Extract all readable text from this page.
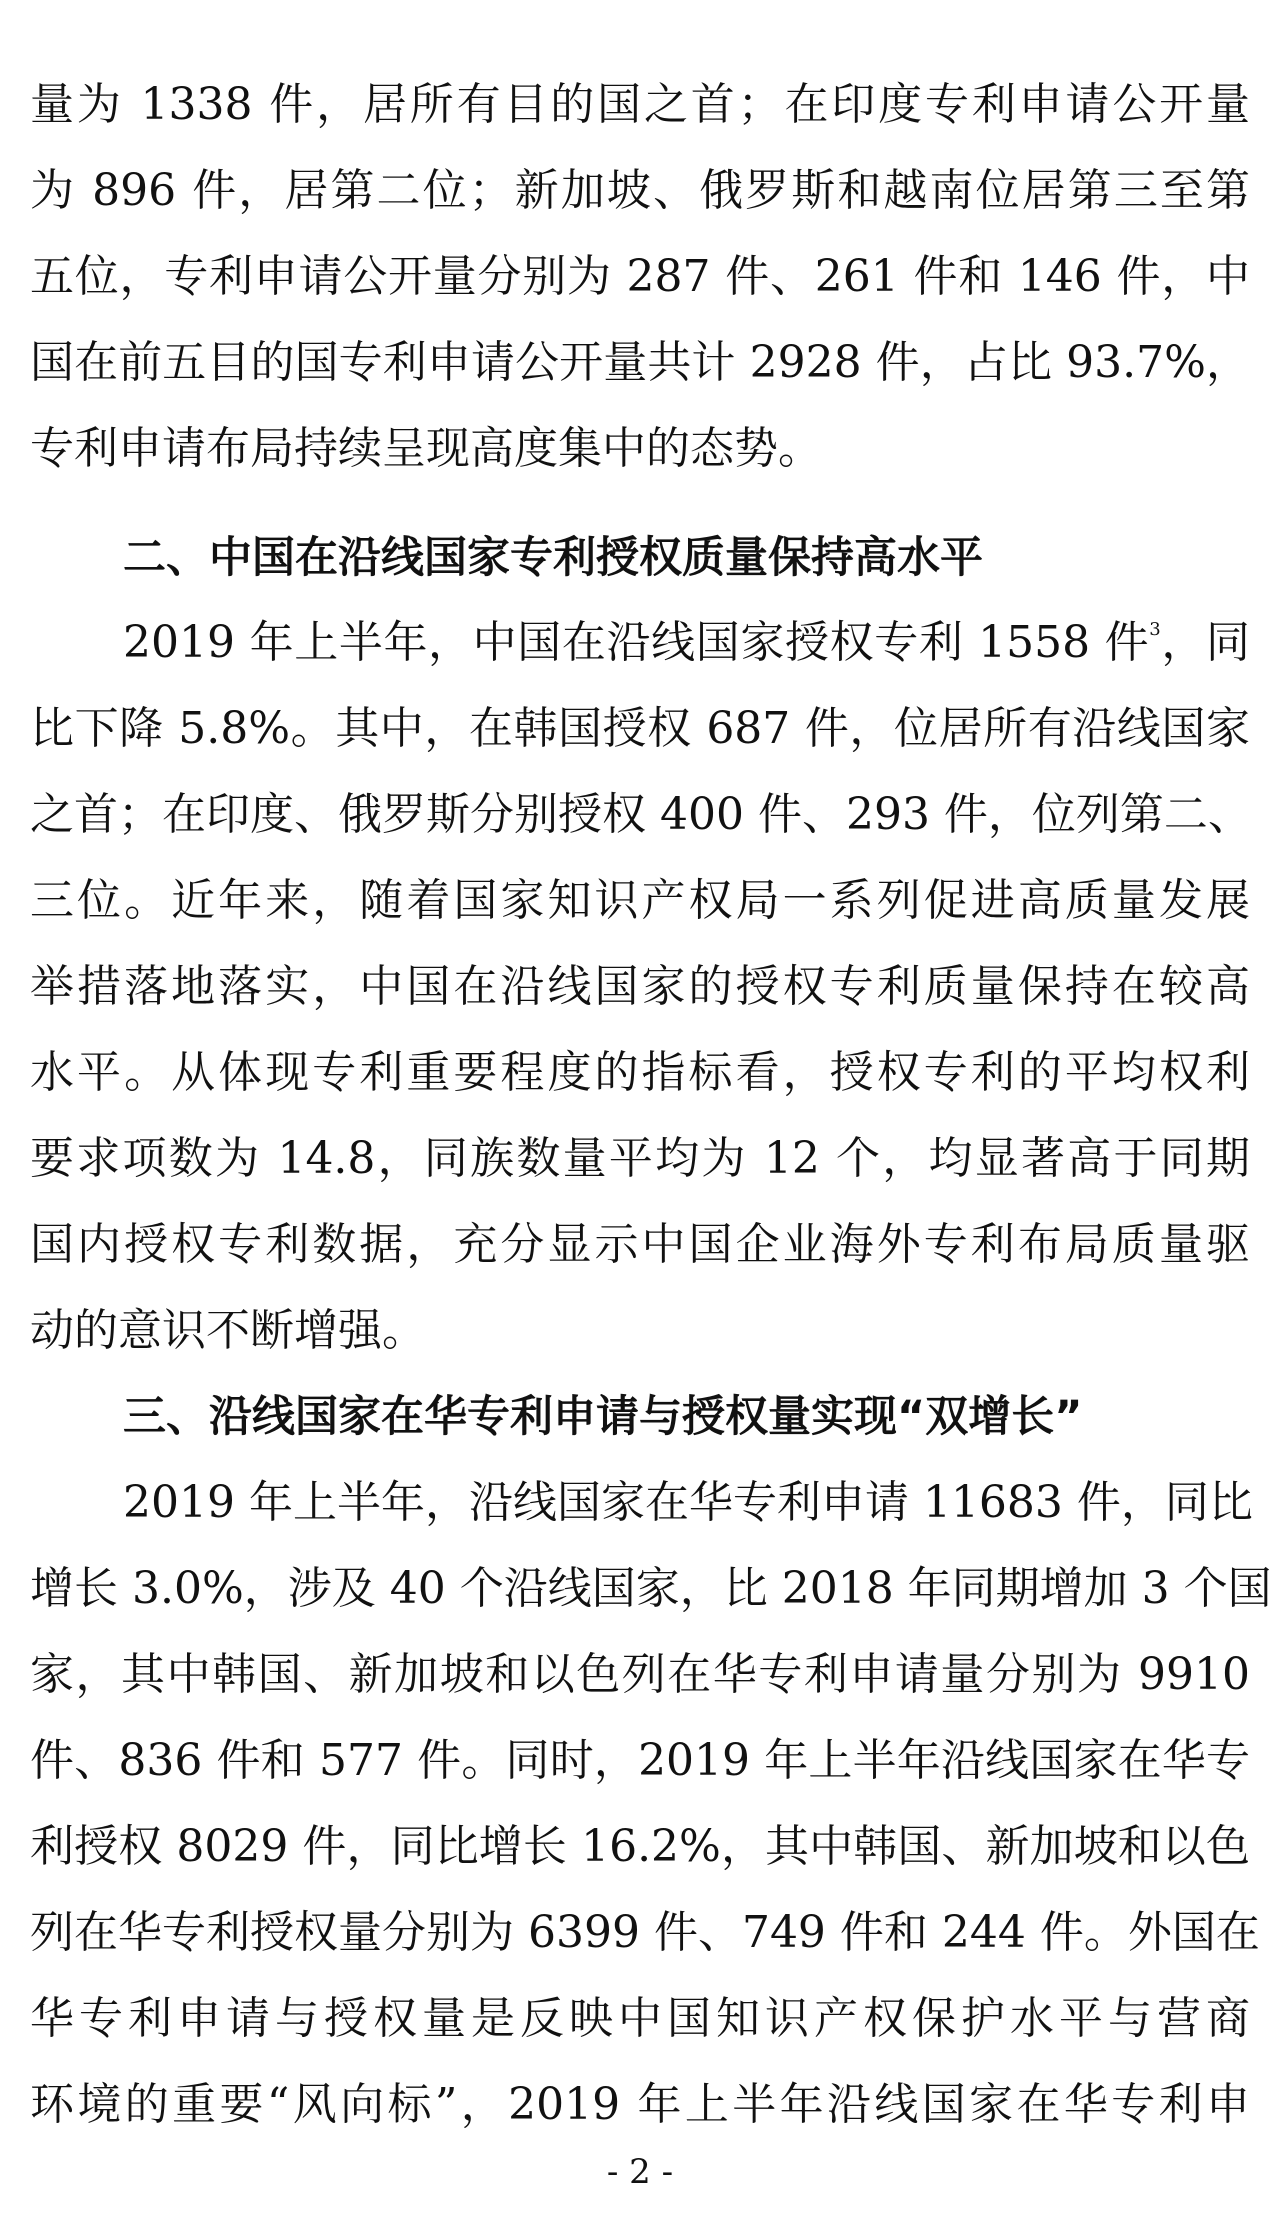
量为 1338 件，居所有目的国之首；在印度专利申请公开量
为 896 件，居第二位；新加坡、俄罗斯和越南位居第三至第
五位，专利申请公开量分别为 287 件、261 件和 146 件，中
国在前五目的国专利申请公开量共计 2928 件，占比 93.7%，
专利申请布局持续呈现高度集中的态势。
二、中国在沿线国家专利授权质量保持高水平
2019 年上半年，中国在沿线国家授权专利 1558 件$^3$，同
比下降 5.8%。其中，在韩国授权 687 件，位居所有沿线国家
之首；在印度、俄罗斯分别授权 400 件、293 件，位列第二、
三位。近年来，随着国家知识产权局一系列促进高质量发展
举措落地落实，中国在沿线国家的授权专利质量保持在较高
水平。从体现专利重要程度的指标看，授权专利的平均权利
要求项数为 14.8，同族数量平均为 12 个，均显著高于同期
国内授权专利数据，充分显示中国企业海外专利布局质量驱
动的意识不断增强。
三、沿线国家在华专利申请与授权量实现“双增长”
2019 年上半年，沿线国家在华专利申请 11683 件，同比
增长 3.0%，涉及 40 个沿线国家，比 2018 年同期增加 3 个国
家，其中韩国、新加坡和以色列在华专利申请量分别为 9910
件、836 件和 577 件。同时，2019 年上半年沿线国家在华专
利授权 8029 件，同比增长 16.2%，其中韩国、新加坡和以色
列在华专利授权量分别为 6399 件、749 件和 244 件。外国在
华专利申请与授权量是反映中国知识产权保护水平与营商
环境的重要“风向标”，2019 年上半年沿线国家在华专利申
- 2 -
